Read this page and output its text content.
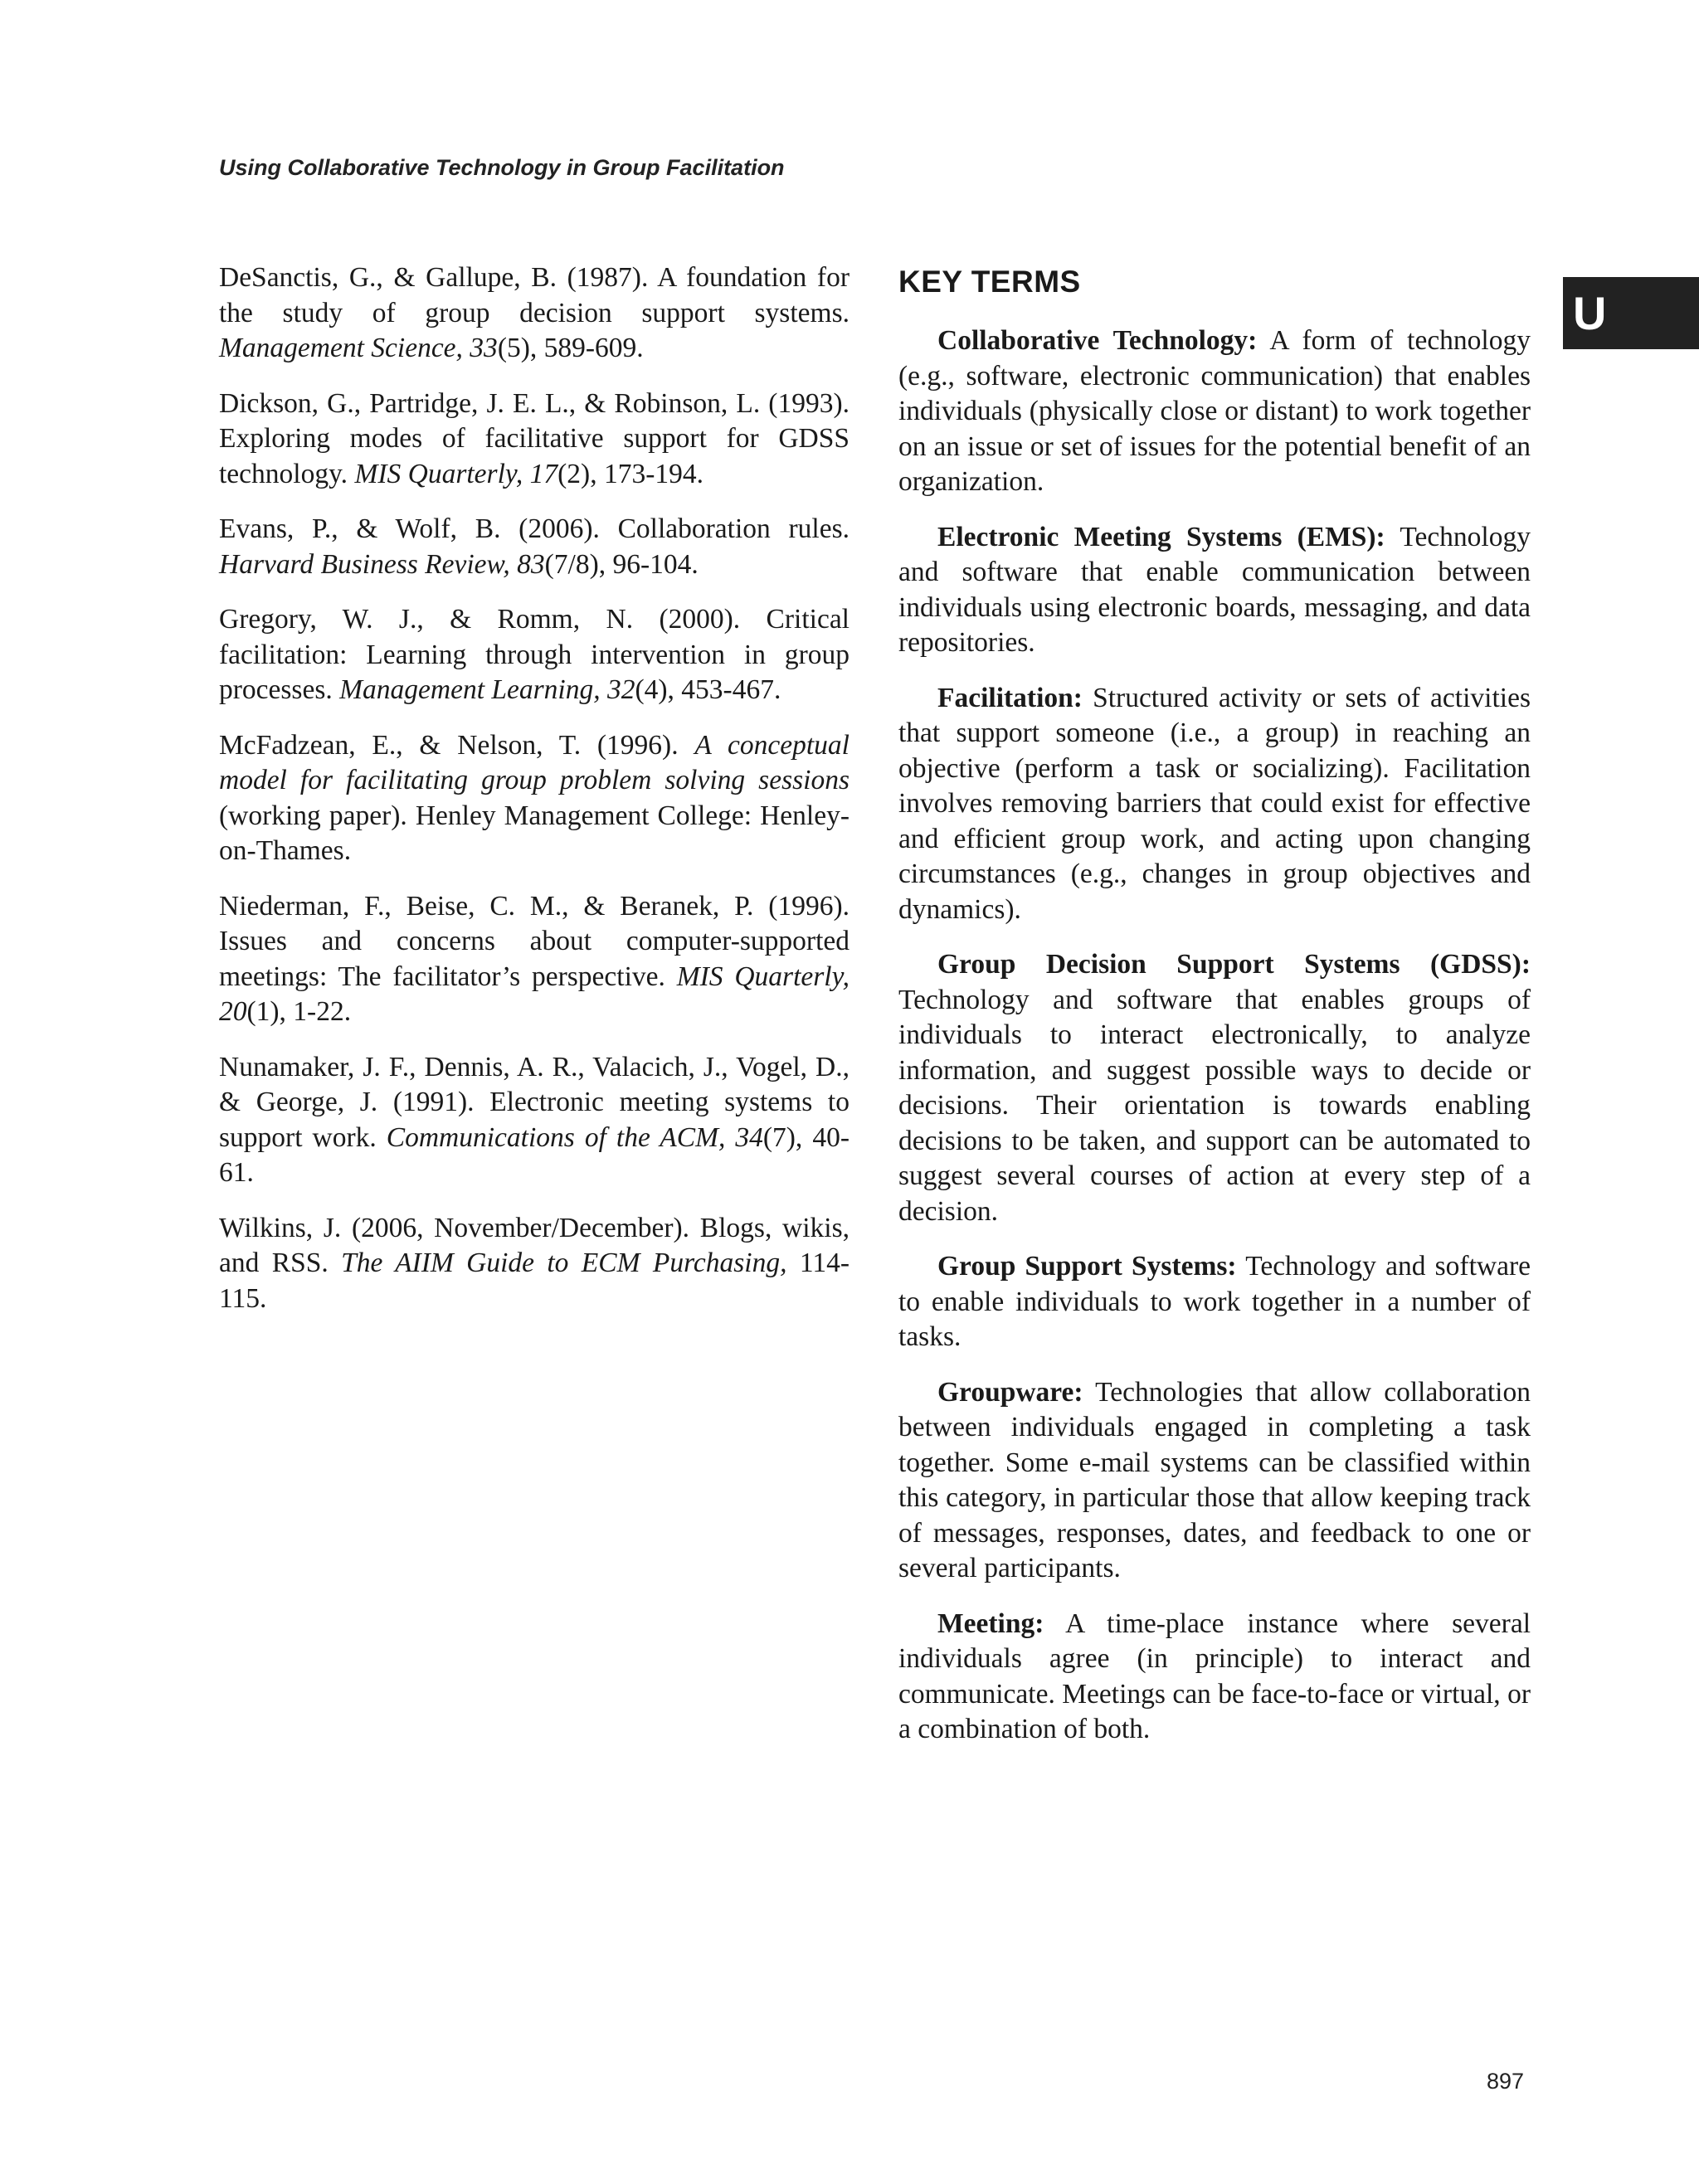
Using Collaborative Technology in Group Facilitation
U

DeSanctis, G., & Gallupe, B. (1987). A foundation for the study of group decision support systems. Management Science, 33(5), 589-609.

Dickson, G., Partridge, J. E. L., & Robinson, L. (1993). Exploring modes of facilitative support for GDSS technology. MIS Quarterly, 17(2), 173-194.

Evans, P., & Wolf, B. (2006). Collaboration rules. Harvard Business Review, 83(7/8), 96-104.

Gregory, W. J., & Romm, N. (2000). Critical facilitation: Learning through intervention in group processes. Management Learning, 32(4), 453-467.

McFadzean, E., & Nelson, T. (1996). A conceptual model for facilitating group problem solving sessions (working paper). Henley Management College: Henley-on-Thames.

Niederman, F., Beise, C. M., & Beranek, P. (1996). Issues and concerns about computer-supported meetings: The facilitator’s perspective. MIS Quarterly, 20(1), 1-22.

Nunamaker, J. F., Dennis, A. R., Valacich, J., Vogel, D., & George, J. (1991). Electronic meeting systems to support work. Communications of the ACM, 34(7), 40-61.

Wilkins, J. (2006, November/December). Blogs, wikis, and RSS. The AIIM Guide to ECM Purchasing, 114-115.

KEY TERMS

Collaborative Technology: A form of technology (e.g., software, electronic communication) that enables individuals (physically close or distant) to work together on an issue or set of issues for the potential benefit of an organization.

Electronic Meeting Systems (EMS): Technology and software that enable communication between individuals using electronic boards, messaging, and data repositories.

Facilitation: Structured activity or sets of activities that support someone (i.e., a group) in reaching an objective (perform a task or socializing). Facilitation involves removing barriers that could exist for effective and efficient group work, and acting upon changing circumstances (e.g., changes in group objectives and dynamics).

Group Decision Support Systems (GDSS): Technology and software that enables groups of individuals to interact electronically, to analyze information, and suggest possible ways to decide or decisions. Their orientation is towards enabling decisions to be taken, and support can be automated to suggest several courses of action at every step of a decision.

Group Support Systems: Technology and software to enable individuals to work together in a number of tasks.

Groupware: Technologies that allow collaboration between individuals engaged in completing a task together. Some e-mail systems can be classified within this category, in particular those that allow keeping track of messages, responses, dates, and feedback to one or several participants.

Meeting: A time-place instance where several individuals agree (in principle) to interact and communicate. Meetings can be face-to-face or virtual, or a combination of both.

897
